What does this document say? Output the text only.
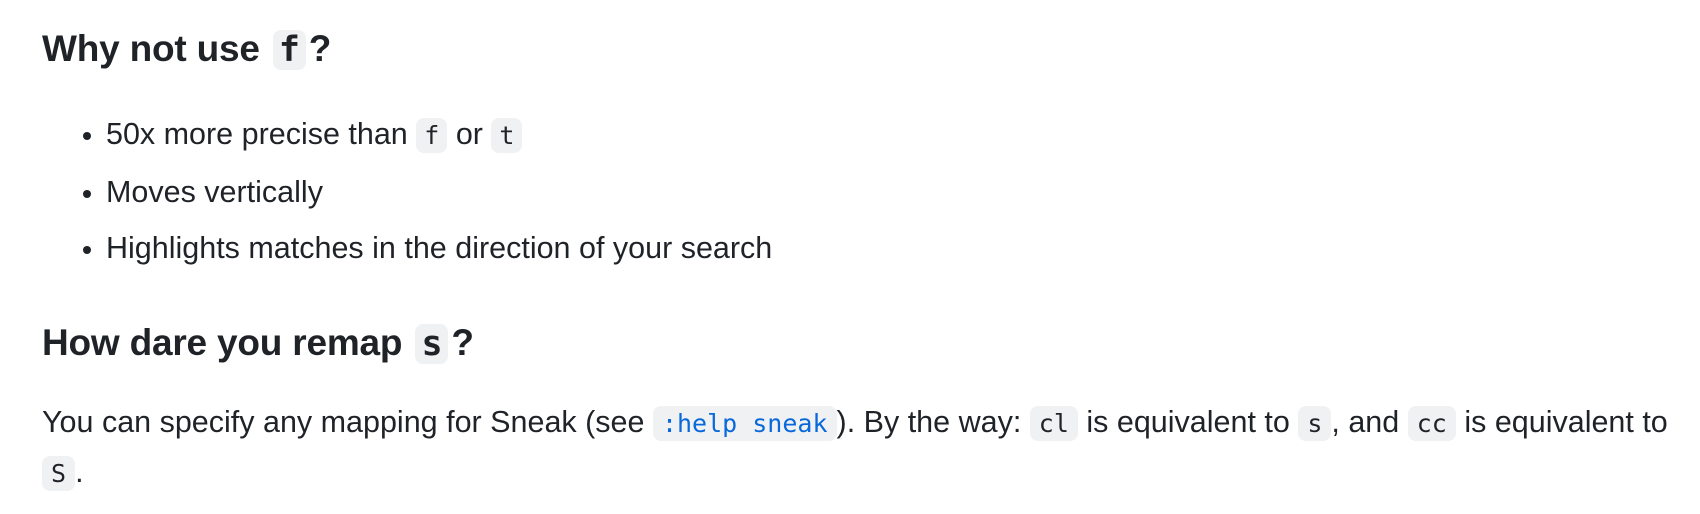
Why not use f ?
• 50x more precise than f or t
• Moves vertically
• Highlights matches in the direction of your search
How dare you remap s ?

You can specify any mapping for Sneak (see :help sneak ). By the way: cl is equivalent to s , and cc is equivalent to S .
